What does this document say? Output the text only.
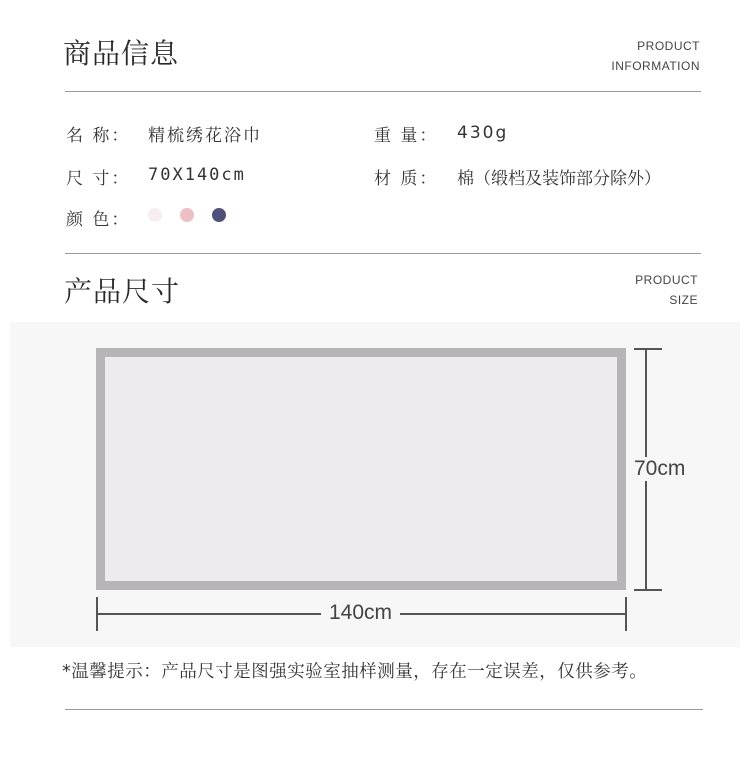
商品信息	PRODUCT
INFORMATION
名 称： 精梳绣花浴巾	重 量： 430g
尺 寸： 70X140cm	材 质： 棉（缎档及装饰部分除外）
颜 色：
产品尺寸	PRODUCT
SIZE
70cm
140cm
*温馨提示：产品尺寸是图强实验室抽样测量，存在一定误差，仅供参考。
